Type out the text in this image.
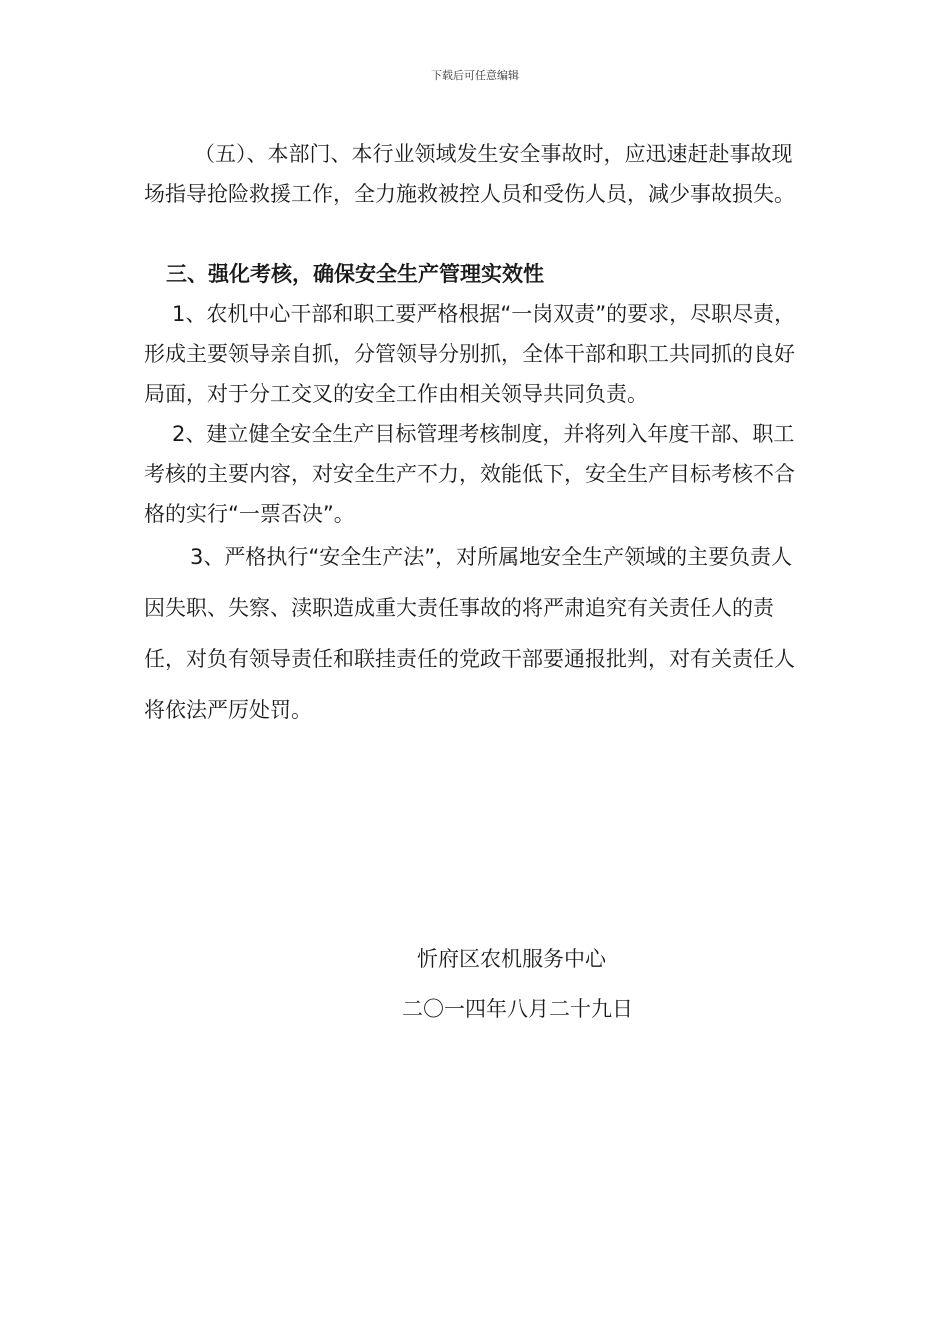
下载后可任意编辑

（五）、本部门、本行业领域发生安全事故时，应迅速赶赴事故现场指导抢险救援工作，全力施救被控人员和受伤人员，减少事故损失。

三、强化考核，确保安全生产管理实效性

1、农机中心干部和职工要严格根据“一岗双责”的要求，尽职尽责，形成主要领导亲自抓，分管领导分别抓，全体干部和职工共同抓的良好局面，对于分工交叉的安全工作由相关领导共同负责。

2、建立健全安全生产目标管理考核制度，并将列入年度干部、职工考核的主要内容，对安全生产不力，效能低下，安全生产目标考核不合格的实行“一票否决”。

3、严格执行“安全生产法”，对所属地安全生产领域的主要负责人因失职、失察、渎职造成重大责任事故的将严肃追究有关责任人的责任，对负有领导责任和联挂责任的党政干部要通报批判，对有关责任人将依法严厉处罚。

忻府区农机服务中心

二〇一四年八月二十九日
